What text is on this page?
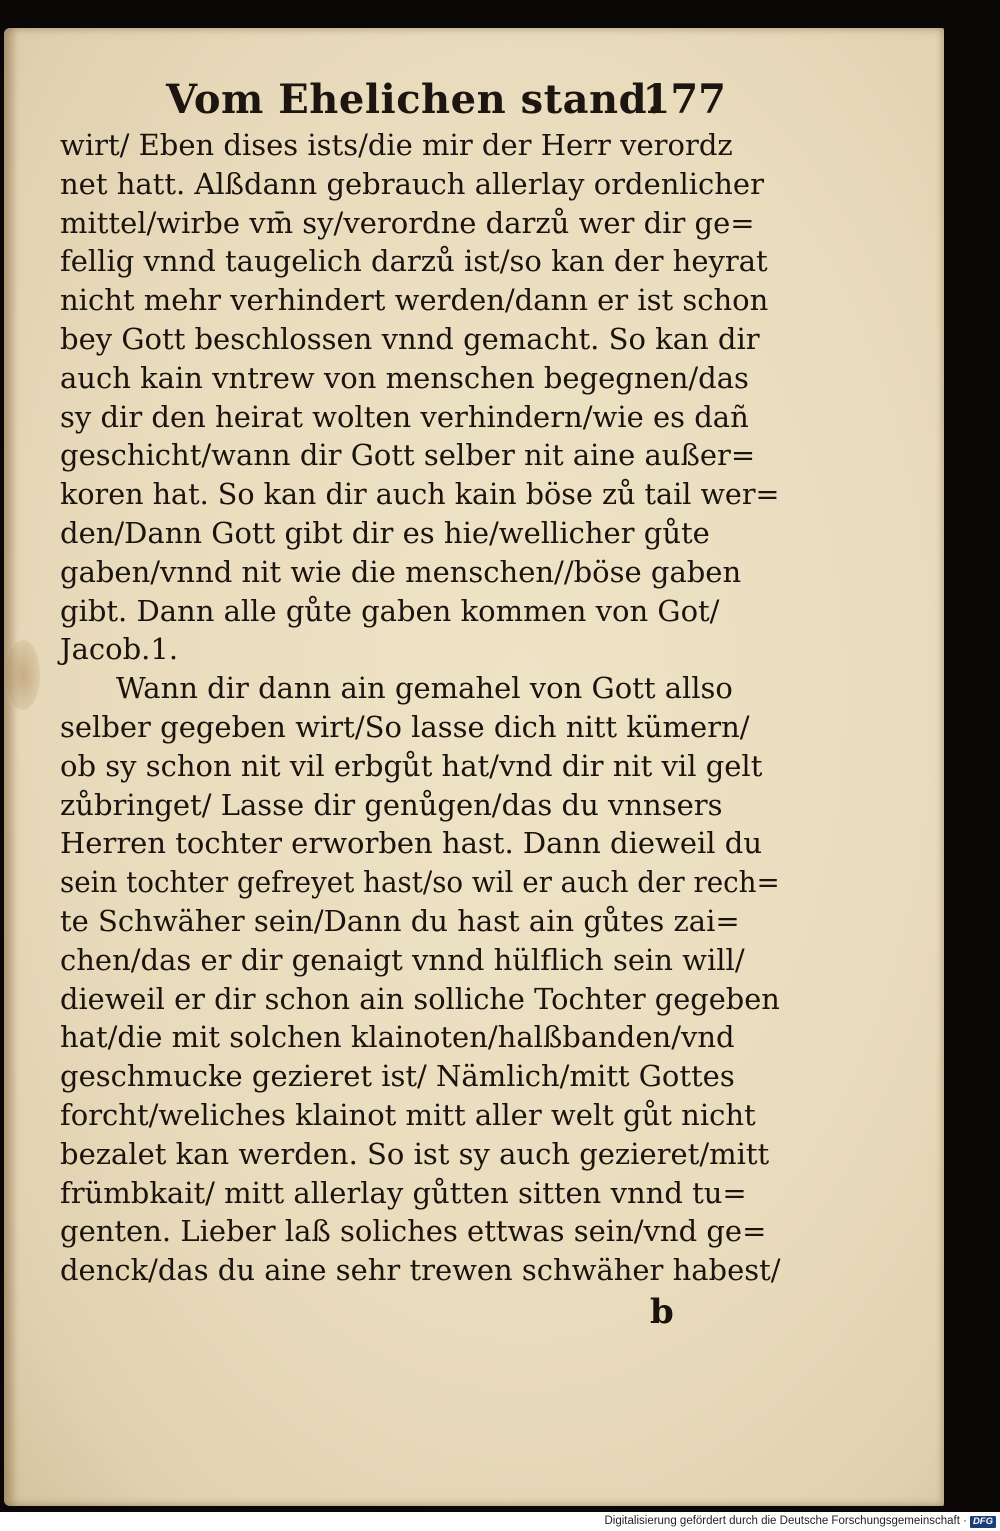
Vom Ehelichen stand.
177
wirt/ Eben dises ists/die mir der Herr verordz
net hatt. Alßdann gebrauch allerlay ordenlicher
mittel/wirbe vm̄ sy/verordne darzů wer dir ge=
fellig vnnd taugelich darzů ist/so kan der heyrat
nicht mehr verhindert werden/dann er ist schon
bey Gott beschlossen vnnd gemacht. So kan dir
auch kain vntrew von menschen begegnen/das
sy dir den heirat wolten verhindern/wie es dañ
geschicht/wann dir Gott selber nit aine außer=
koren hat. So kan dir auch kain böse zů tail wer=
den/Dann Gott gibt dir es hie/wellicher gůte
gaben/vnnd nit wie die menschen//böse gaben
gibt. Dann alle gůte gaben kommen von Got/
Jacob.1.
Wann dir dann ain gemahel von Gott allso
selber gegeben wirt/So lasse dich nitt kümern/
ob sy schon nit vil erbgůt hat/vnd dir nit vil gelt
zůbringet/ Lasse dir genůgen/das du vnnsers
Herren tochter erworben hast. Dann dieweil du
sein tochter gefreyet hast/so wil er auch der rech=
te Schwäher sein/Dann du hast ain gůtes zai=
chen/das er dir genaigt vnnd hülflich sein will/
dieweil er dir schon ain solliche Tochter gegeben
hat/die mit solchen klainoten/halßbanden/vnd
geschmucke gezieret ist/ Nämlich/mitt Gottes
forcht/weliches klainot mitt aller welt gůt nicht
bezalet kan werden. So ist sy auch gezieret/mitt
frümbkait/ mitt allerlay gůtten sitten vnnd tu=
genten. Lieber laß soliches ettwas sein/vnd ge=
denck/das du aine sehr trewen schwäher habest/
b
Digitalisierung gefördert durch die Deutsche Forschungsgemeinschaft · DFG
